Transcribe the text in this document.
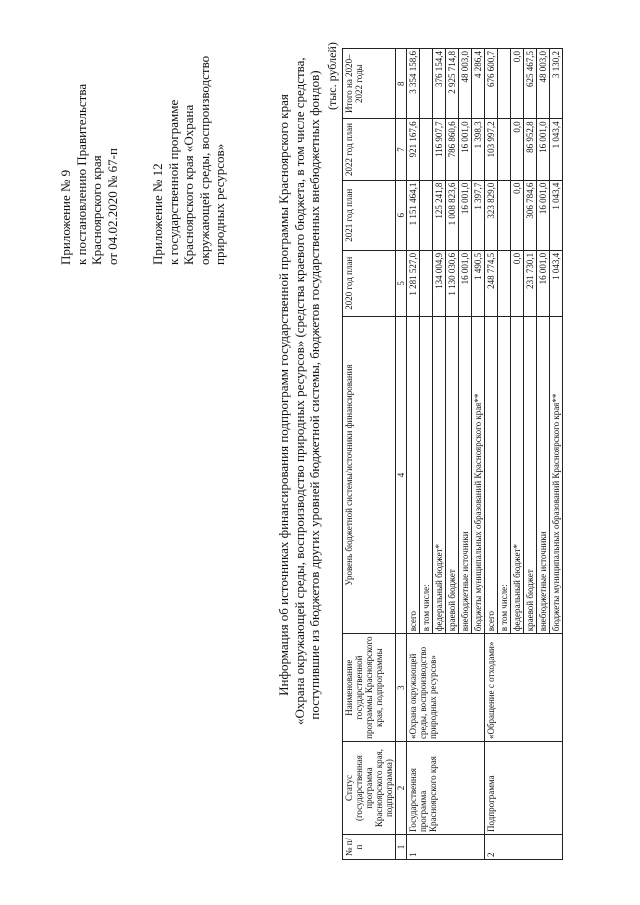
Приложение № 9 к постановлению Правительства Красноярского края от 04.02.2020 № 67-п Приложение № 12 к государственной программе Красноярского края «Охрана окружающей среды, воспроизводство природных ресурсов»	Информация об источниках финансирования подпрограмм государственной программы Красноярского края «Охрана окружающей среды, воспроизводство природных ресурсов» (средства краевого бюджета, в том числе средства, поступившие из бюджетов других уровней бюджетной системы, бюджетов государственных внебюджетных фондов) (тыс. рублей)
№ п/п	Статус (государственная программа Красноярского края, подпрограмма)	Наименование государственной программы Красноярского края, подпрограммы	Уровень бюджетной системы/источники финансирования	2020 год план	2021 год план	2022 год план	Итого на 2020–2022 годы
1	2	3	4	5	6	7	8
1	Государственная программа Красноярского края	«Охрана окружающей среды, воспроизводство природных ресурсов»	всего	1 281 527,0	1 151 464,1	921 167,6	3 354 158,6
			в том числе:				
			федеральный бюджет*	134 004,9	125 241,8	116 907,7	376 154,4
			краевой бюджет	1 130 030,6	1 008 823,6	786 860,6	2 925 714,8
			внебюджетные источники	16 001,0	16 001,0	16 001,0	48 003,0
			бюджеты муниципальных образований Красноярского края**	1 490,5	1 397,7	1 398,3	4 286,4
2	Подпрограмма	«Обращение с отходами»	всего	248 774,5	323 829,0	103 997,2	676 600,7
			в том числе:				
			федеральный бюджет*	0,0	0,0	0,0	0,0
			краевой бюджет	231 730,1	306 784,6	86 952,8	625 467,5
			внебюджетные источники	16 001,0	16 001,0	16 001,0	48 003,0
			бюджеты муниципальных образований Красноярского края**	1 043,4	1 043,4	1 043,4	3 130,2
